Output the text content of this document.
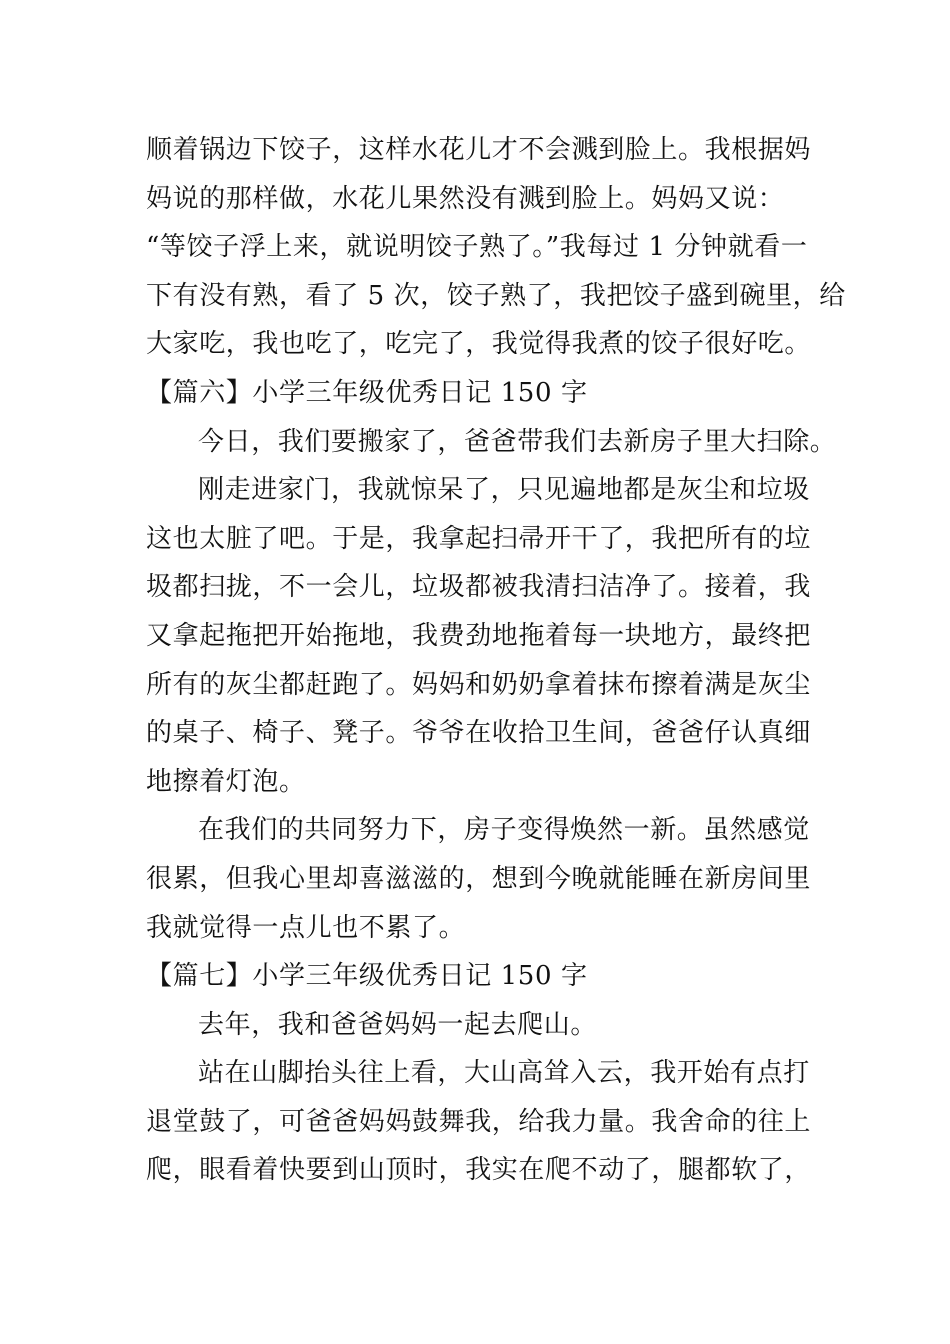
顺着锅边下饺子，这样水花儿才不会溅到脸上。我根据妈
妈说的那样做，水花儿果然没有溅到脸上。妈妈又说：
“等饺子浮上来，就说明饺子熟了。”我每过 1 分钟就看一
下有没有熟，看了 5 次，饺子熟了，我把饺子盛到碗里，给
大家吃，我也吃了，吃完了，我觉得我煮的饺子很好吃。
【篇六】小学三年级优秀日记 150 字
今日，我们要搬家了，爸爸带我们去新房子里大扫除。
刚走进家门，我就惊呆了，只见遍地都是灰尘和垃圾
这也太脏了吧。于是，我拿起扫帚开干了，我把所有的垃
圾都扫拢，不一会儿，垃圾都被我清扫洁净了。接着，我
又拿起拖把开始拖地，我费劲地拖着每一块地方，最终把
所有的灰尘都赶跑了。妈妈和奶奶拿着抹布擦着满是灰尘
的桌子、椅子、凳子。爷爷在收拾卫生间，爸爸仔认真细
地擦着灯泡。
在我们的共同努力下，房子变得焕然一新。虽然感觉
很累，但我心里却喜滋滋的，想到今晚就能睡在新房间里
我就觉得一点儿也不累了。
【篇七】小学三年级优秀日记 150 字
去年，我和爸爸妈妈一起去爬山。
站在山脚抬头往上看，大山高耸入云，我开始有点打
退堂鼓了，可爸爸妈妈鼓舞我，给我力量。我舍命的往上
爬，眼看着快要到山顶时，我实在爬不动了，腿都软了，
